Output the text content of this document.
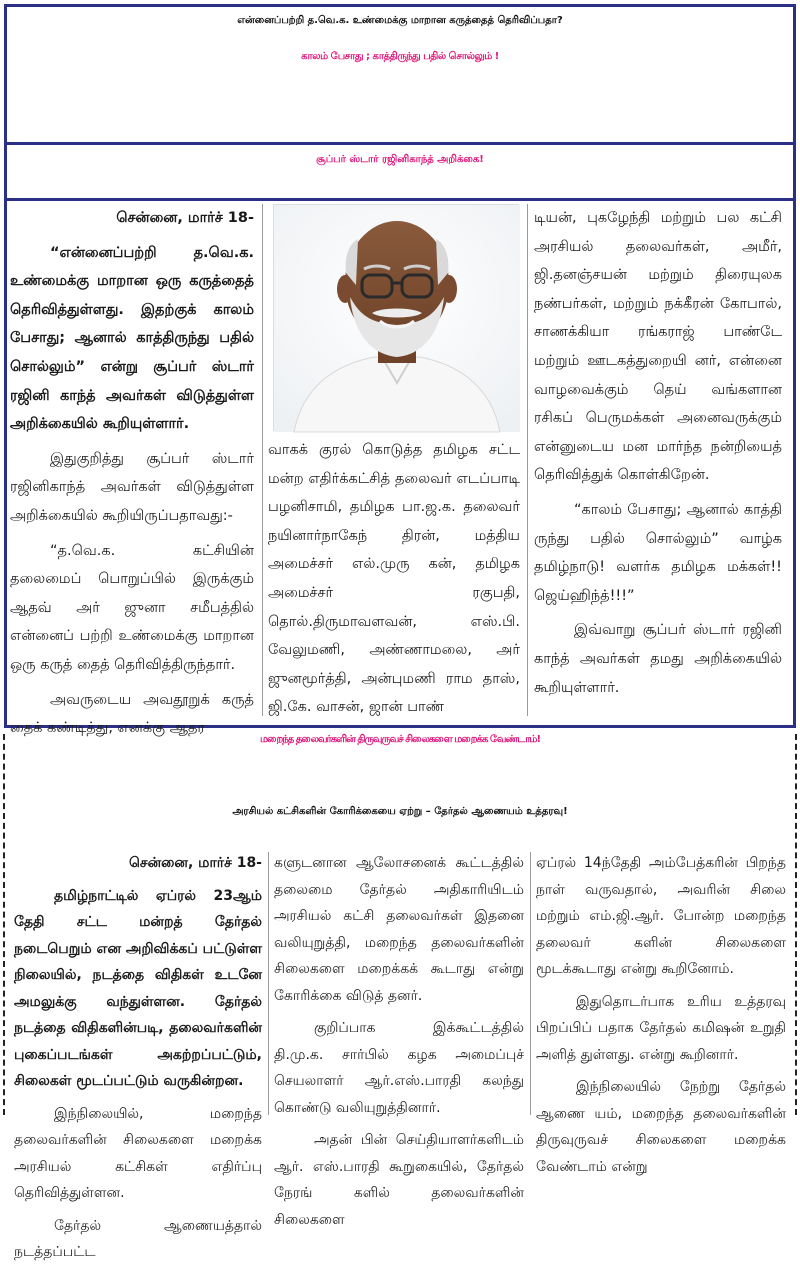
என்னைப்பற்றி த.வெ.க. உண்மைக்கு மாறான கருத்தைத் தெரிவிப்பதா?
காலம் பேசாது ; காத்திருந்து பதில் சொல்லும் !
சூப்பர் ஸ்டார் ரஜினிகாந்த் அறிக்கை!

சென்னை, மார்ச் 18-

“என்னைப்பற்றி த.வெ.க. உண்மைக்கு மாறான ஒரு கருத்தைத் தெரிவித்துள்ளது. இதற்குக் காலம் பேசாது; ஆனால் காத்திருந்து பதில் சொல்லும்” என்று சூப்பர் ஸ்டார் ரஜினி காந்த் அவர்கள் விடுத்துள்ள அறிக்கையில் கூறியுள்ளார்.

இதுகுறித்து சூப்பர் ஸ்டார் ரஜினிகாந்த் அவர்கள் விடுத்துள்ள அறிக்கையில் கூறியிருப்பதாவது:-

“த.வெ.க. கட்சியின் தலைமைப் பொறுப்பில் இருக்கும் ஆதவ் அர் ஜுனா சமீபத்தில் என்னைப் பற்றி உண்மைக்கு மாறான ஒரு கருத் தைத் தெரிவித்திருந்தார்.

அவருடைய அவதூறுக் கருத் தைக் கண்டித்து, எனக்கு ஆதர

வாகக் குரல் கொடுத்த தமிழக சட்ட மன்ற எதிர்க்கட்சித் தலைவர் எடப்பாடி பழனிசாமி, தமிழக பா.ஜ.க. தலைவர் நயினார்நாகேந் திரன், மத்திய அமைச்சர் எல்.முரு கன், தமிழக அமைச்சர் ரகுபதி, தொல்.திருமாவளவன், எஸ்.பி. வேலுமணி, அண்ணாமலை, அர் ஜுனமூர்த்தி, அன்புமணி ராம தாஸ், ஜி.கே. வாசன், ஜான் பாண்

டியன், புகழேந்தி மற்றும் பல கட்சி அரசியல் தலைவர்கள், அமீர், ஜி.தனஞ்சயன் மற்றும் திரையுலக நண்பர்கள், மற்றும் நக்கீரன் கோபால், சாணக்கியா ரங்கராஜ் பாண்டே மற்றும் ஊடகத்துறையி னர், என்னை வாழவைக்கும் தெய் வங்களான ரசிகப் பெருமக்கள் அனைவருக்கும் என்னுடைய மன மார்ந்த நன்றியைத் தெரிவித்துக் கொள்கிறேன்.

“காலம் பேசாது; ஆனால் காத்தி ருந்து பதில் சொல்லும்” வாழ்க தமிழ்நாடு! வளர்க தமிழக மக்கள்!! ஜெய்ஹிந்த்!!!”

இவ்வாறு சூப்பர் ஸ்டார் ரஜினி காந்த் அவர்கள் தமது அறிக்கையில் கூறியுள்ளார்.

மறைந்த தலைவர்களின் திருவுருவச் சிலைகளை மறைக்க வேண்டாம்!
அரசியல் கட்சிகளின் கோரிக்கையை ஏற்று – தேர்தல் ஆணையம் உத்தரவு!

சென்னை, மார்ச் 18-

தமிழ்நாட்டில் ஏப்ரல் 23ஆம் தேதி சட்ட மன்றத் தேர்தல் நடைபெறும் என அறிவிக்கப் பட்டுள்ள நிலையில், நடத்தை விதிகள் உடனே அமலுக்கு வந்துள்ளன. தேர்தல் நடத்தை விதிகளின்படி, தலைவர்களின் புகைப்படங்கள் அகற்றப்பட்டும், சிலைகள் மூடப்பட்டும் வருகின்றன.

இந்நிலையில், மறைந்த தலைவர்களின் சிலைகளை மறைக்க அரசியல் கட்சிகள் எதிர்ப்பு தெரிவித்துள்ளன.

தேர்தல் ஆணையத்தால் நடத்தப்பட்ட

களுடனான ஆலோசனைக் கூட்டத்தில் தலைமை தேர்தல் அதிகாரியிடம் அரசியல் கட்சி தலைவர்கள் இதனை வலியுறுத்தி, மறைந்த தலைவர்களின் சிலைகளை மறைக்கக் கூடாது என்று கோரிக்கை விடுத் தனர்.

குறிப்பாக இக்கூட்டத்தில் தி.மு.க. சார்பில் கழக அமைப்புச் செயலாளர் ஆர்.எஸ்.பாரதி கலந்து கொண்டு வலியுறுத்தினார்.

அதன் பின் செய்தியாளர்களிடம் ஆர். எஸ்.பாரதி கூறுகையில், தேர்தல் நேரங் களில் தலைவர்களின் சிலைகளை

ஏப்ரல் 14ந்தேதி அம்பேத்கரின் பிறந்த நாள் வருவதால், அவரின் சிலை மற்றும் எம்.ஜி.ஆர். போன்ற மறைந்த தலைவர் களின் சிலைகளை மூடக்கூடாது என்று கூறினோம்.

இதுதொடர்பாக உரிய உத்தரவு பிறப்பிப் பதாக தேர்தல் கமிஷன் உறுதி அளித் துள்ளது. என்று கூறினார்.

இந்நிலையில் நேற்று தேர்தல் ஆணை யம், மறைந்த தலைவர்களின் திருவுருவச் சிலைகளை மறைக்க வேண்டாம் என்று
